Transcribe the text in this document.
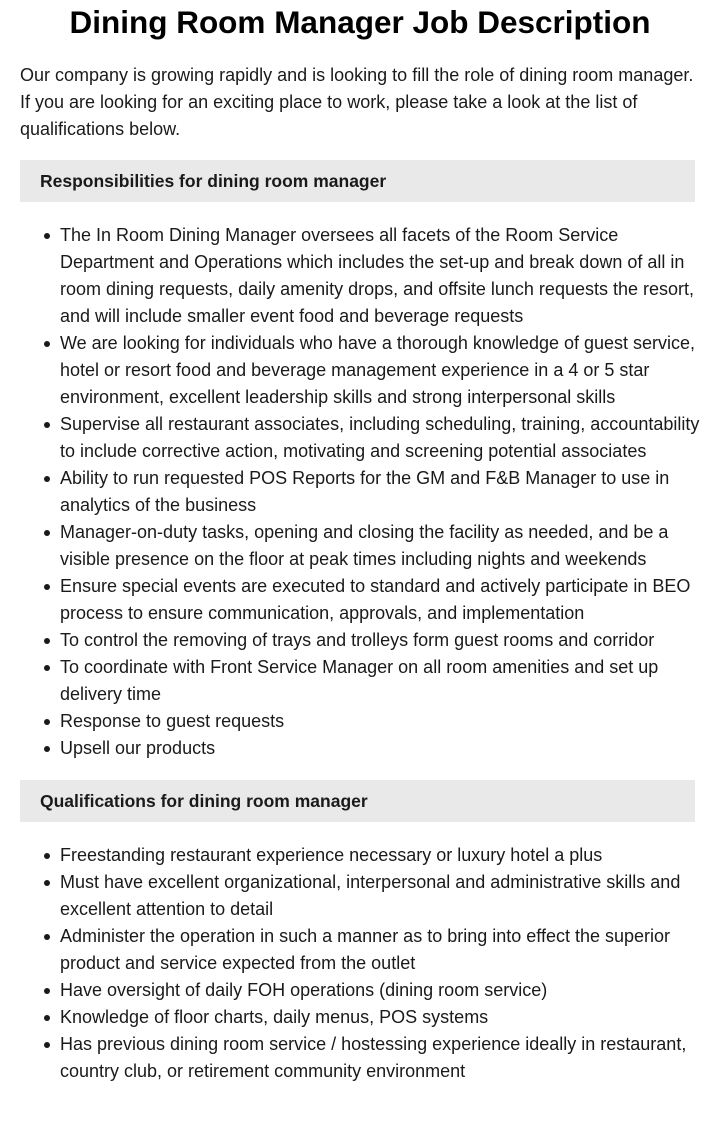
Dining Room Manager Job Description

Our company is growing rapidly and is looking to fill the role of dining room manager. If you are looking for an exciting place to work, please take a look at the list of qualifications below.

Responsibilities for dining room manager
The In Room Dining Manager oversees all facets of the Room Service Department and Operations which includes the set-up and break down of all in room dining requests, daily amenity drops, and offsite lunch requests the resort, and will include smaller event food and beverage requests
We are looking for individuals who have a thorough knowledge of guest service, hotel or resort food and beverage management experience in a 4 or 5 star environment, excellent leadership skills and strong interpersonal skills
Supervise all restaurant associates, including scheduling, training, accountability to include corrective action, motivating and screening potential associates
Ability to run requested POS Reports for the GM and F&B Manager to use in analytics of the business
Manager-on-duty tasks, opening and closing the facility as needed, and be a visible presence on the floor at peak times including nights and weekends
Ensure special events are executed to standard and actively participate in BEO process to ensure communication, approvals, and implementation
To control the removing of trays and trolleys form guest rooms and corridor
To coordinate with Front Service Manager on all room amenities and set up delivery time
Response to guest requests
Upsell our products
Qualifications for dining room manager
Freestanding restaurant experience necessary or luxury hotel a plus
Must have excellent organizational, interpersonal and administrative skills and excellent attention to detail
Administer the operation in such a manner as to bring into effect the superior product and service expected from the outlet
Have oversight of daily FOH operations (dining room service)
Knowledge of floor charts, daily menus, POS systems
Has previous dining room service / hostessing experience ideally in restaurant, country club, or retirement community environment
